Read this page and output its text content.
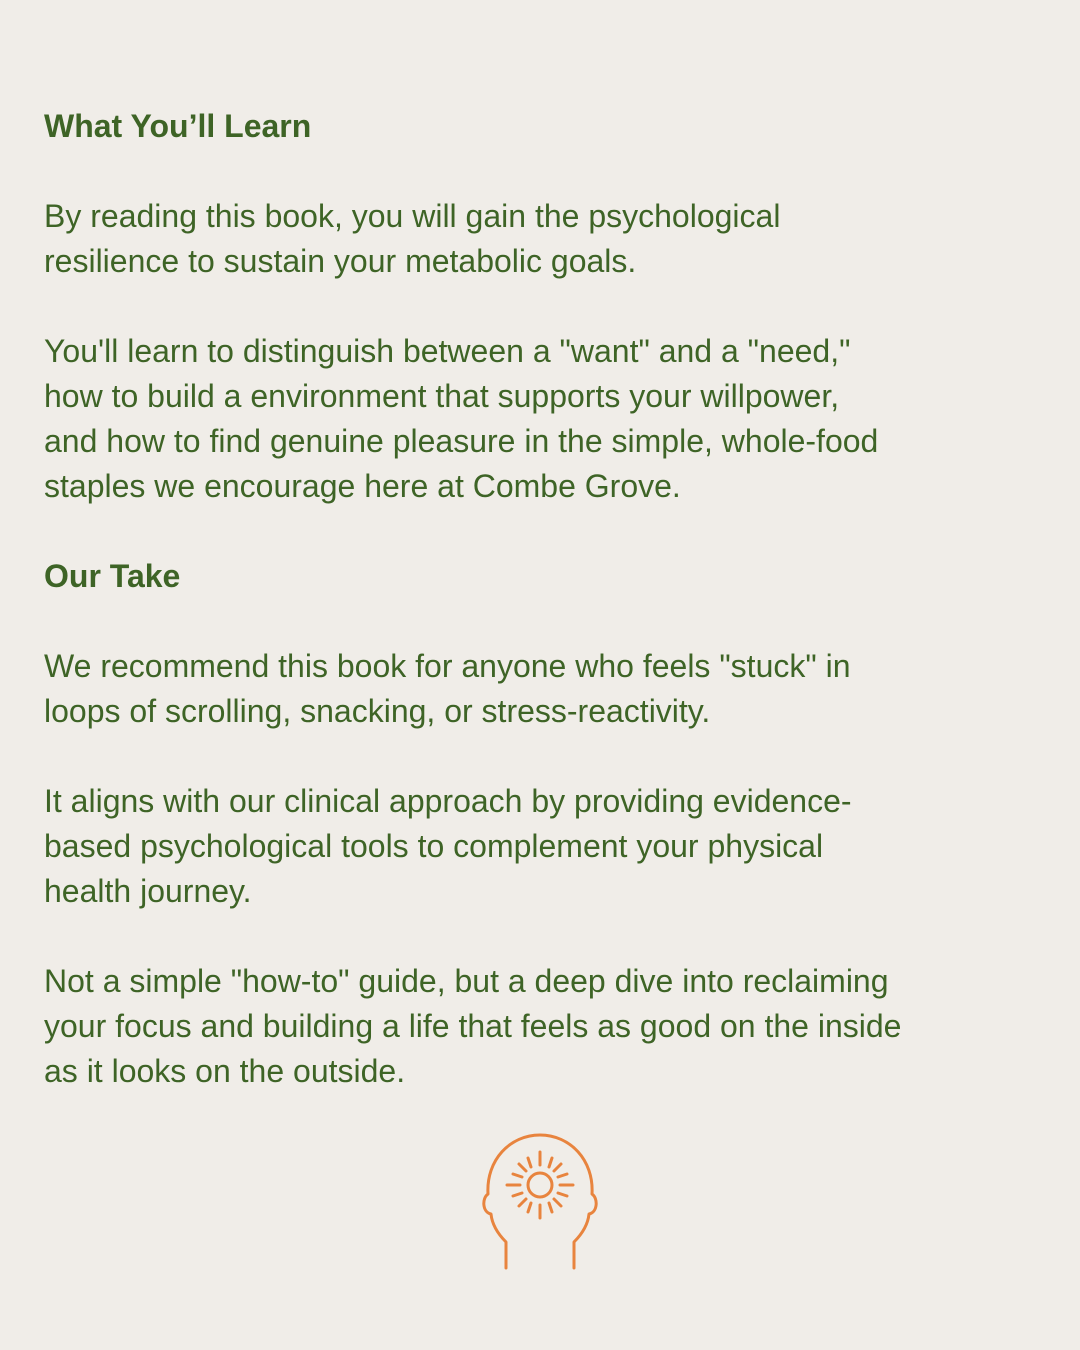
What You’ll Learn

By reading this book, you will gain the psychological
resilience to sustain your metabolic goals.

You'll learn to distinguish between a "want" and a "need,"
how to build a environment that supports your willpower,
and how to find genuine pleasure in the simple, whole-food
staples we encourage here at Combe Grove.

Our Take

We recommend this book for anyone who feels "stuck" in
loops of scrolling, snacking, or stress-reactivity.

It aligns with our clinical approach by providing evidence-
based psychological tools to complement your physical
health journey.

Not a simple "how-to" guide, but a deep dive into reclaiming
your focus and building a life that feels as good on the inside
as it looks on the outside.
